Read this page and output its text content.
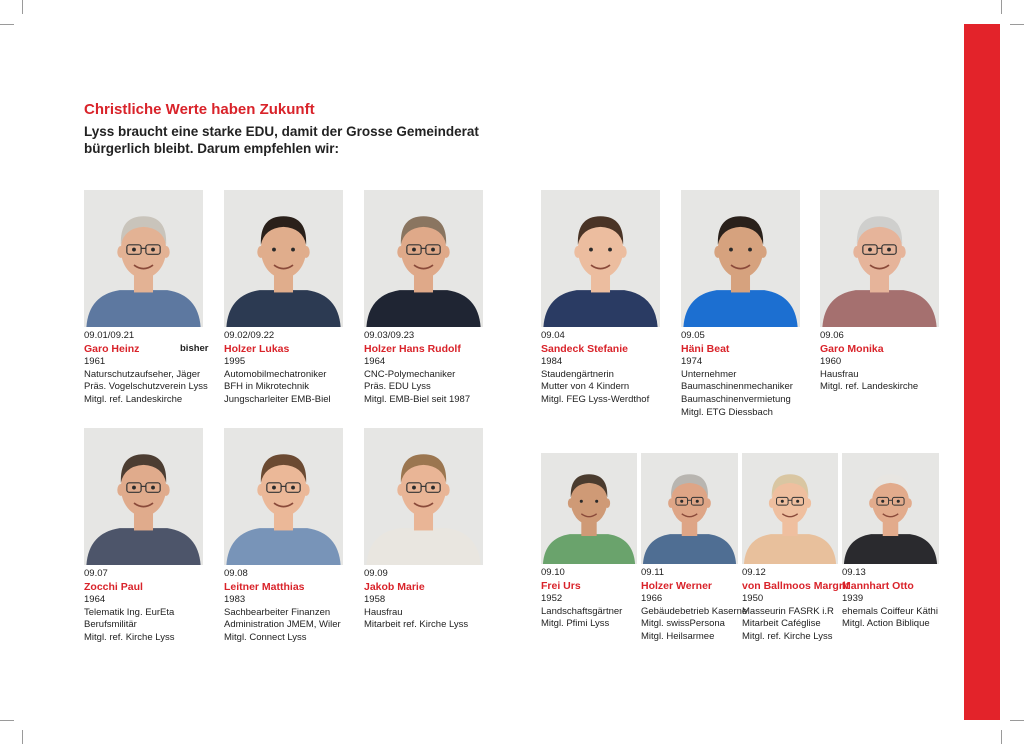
Christliche Werte haben Zukunft
Lyss braucht eine starke EDU, damit der Grosse Gemeinderat
bürgerlich bleibt. Darum empfehlen wir:
09.01/09.21
Garo Heinz	bisher
1961
Naturschutzaufseher, Jäger
Präs. Vogelschutzverein Lyss
Mitgl. ref. Landeskirche
09.02/09.22
Holzer Lukas
1995
Automobilmechatroniker
BFH in Mikrotechnik
Jungscharleiter EMB-Biel
09.03/09.23
Holzer Hans Rudolf
1964
CNC-Polymechaniker
Präs. EDU Lyss
Mitgl. EMB-Biel seit 1987
09.04
Sandeck Stefanie
1984
Staudengärtnerin
Mutter von 4 Kindern
Mitgl. FEG Lyss-Werdthof
09.05
Häni Beat
1974
Unternehmer
Baumaschinenmechaniker
Baumaschinenvermietung
Mitgl. ETG Diessbach
09.06
Garo Monika
1960
Hausfrau
Mitgl. ref. Landeskirche
09.07
Zocchi Paul
1964
Telematik Ing. EurEta
Berufsmilitär
Mitgl. ref. Kirche Lyss
09.08
Leitner Matthias
1983
Sachbearbeiter Finanzen
Administration JMEM, Wiler
Mitgl. Connect Lyss
09.09
Jakob Marie
1958
Hausfrau
Mitarbeit ref. Kirche Lyss
09.10
Frei Urs
1952
Landschaftsgärtner
Mitgl. Pfimi Lyss
09.11
Holzer Werner
1966
Gebäudebetrieb Kaserne
Mitgl. swissPersona
Mitgl. Heilsarmee
09.12
von Ballmoos Margrit
1950
Masseurin FASRK i.R
Mitarbeit Caféglise
Mitgl. ref. Kirche Lyss
09.13
Mannhart Otto
1939
ehemals Coiffeur Käthi
Mitgl. Action Biblique
